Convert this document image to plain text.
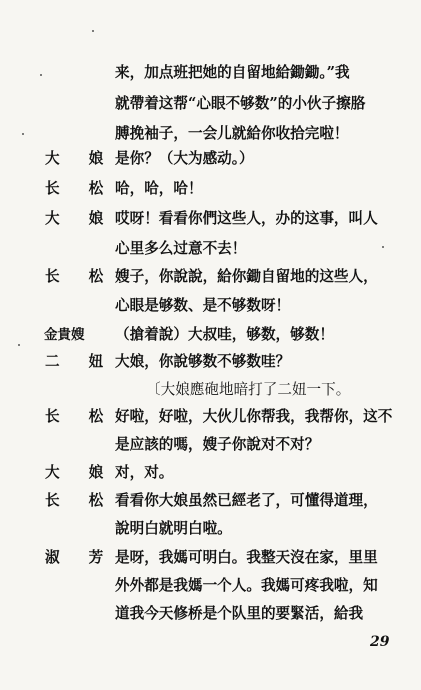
来，加点班把她的自留地給鋤鋤。”我
就帶着这帮“心眼不够数”的小伙子擦胳
膊挽袖子，一会儿就給你收拾完啦！
大 娘 是你？（大为感动。）
长 松 哈，哈，哈！
大 娘 哎呀！看看你們这些人，办的这事，叫人
心里多么过意不去！
长 松 嫂子，你說說，給你鋤自留地的这些人，
心眼是够数、是不够数呀！
金貴嫂 （搶着說）大叔哇，够数，够数！
二 妞 大娘，你說够数不够数哇？
〔大娘應砲地暗打了二妞一下。
长 松 好啦，好啦，大伙儿你帮我，我帮你，这不
是应該的嗎，嫂子你說对不对？
大 娘 对，对。
长 松 看看你大娘虽然已經老了，可懂得道理，
說明白就明白啦。
淑 芳 是呀，我媽可明白。我整天沒在家，里里
外外都是我媽一个人。我媽可疼我啦，知
道我今天修桥是个队里的要緊活，給我
29
